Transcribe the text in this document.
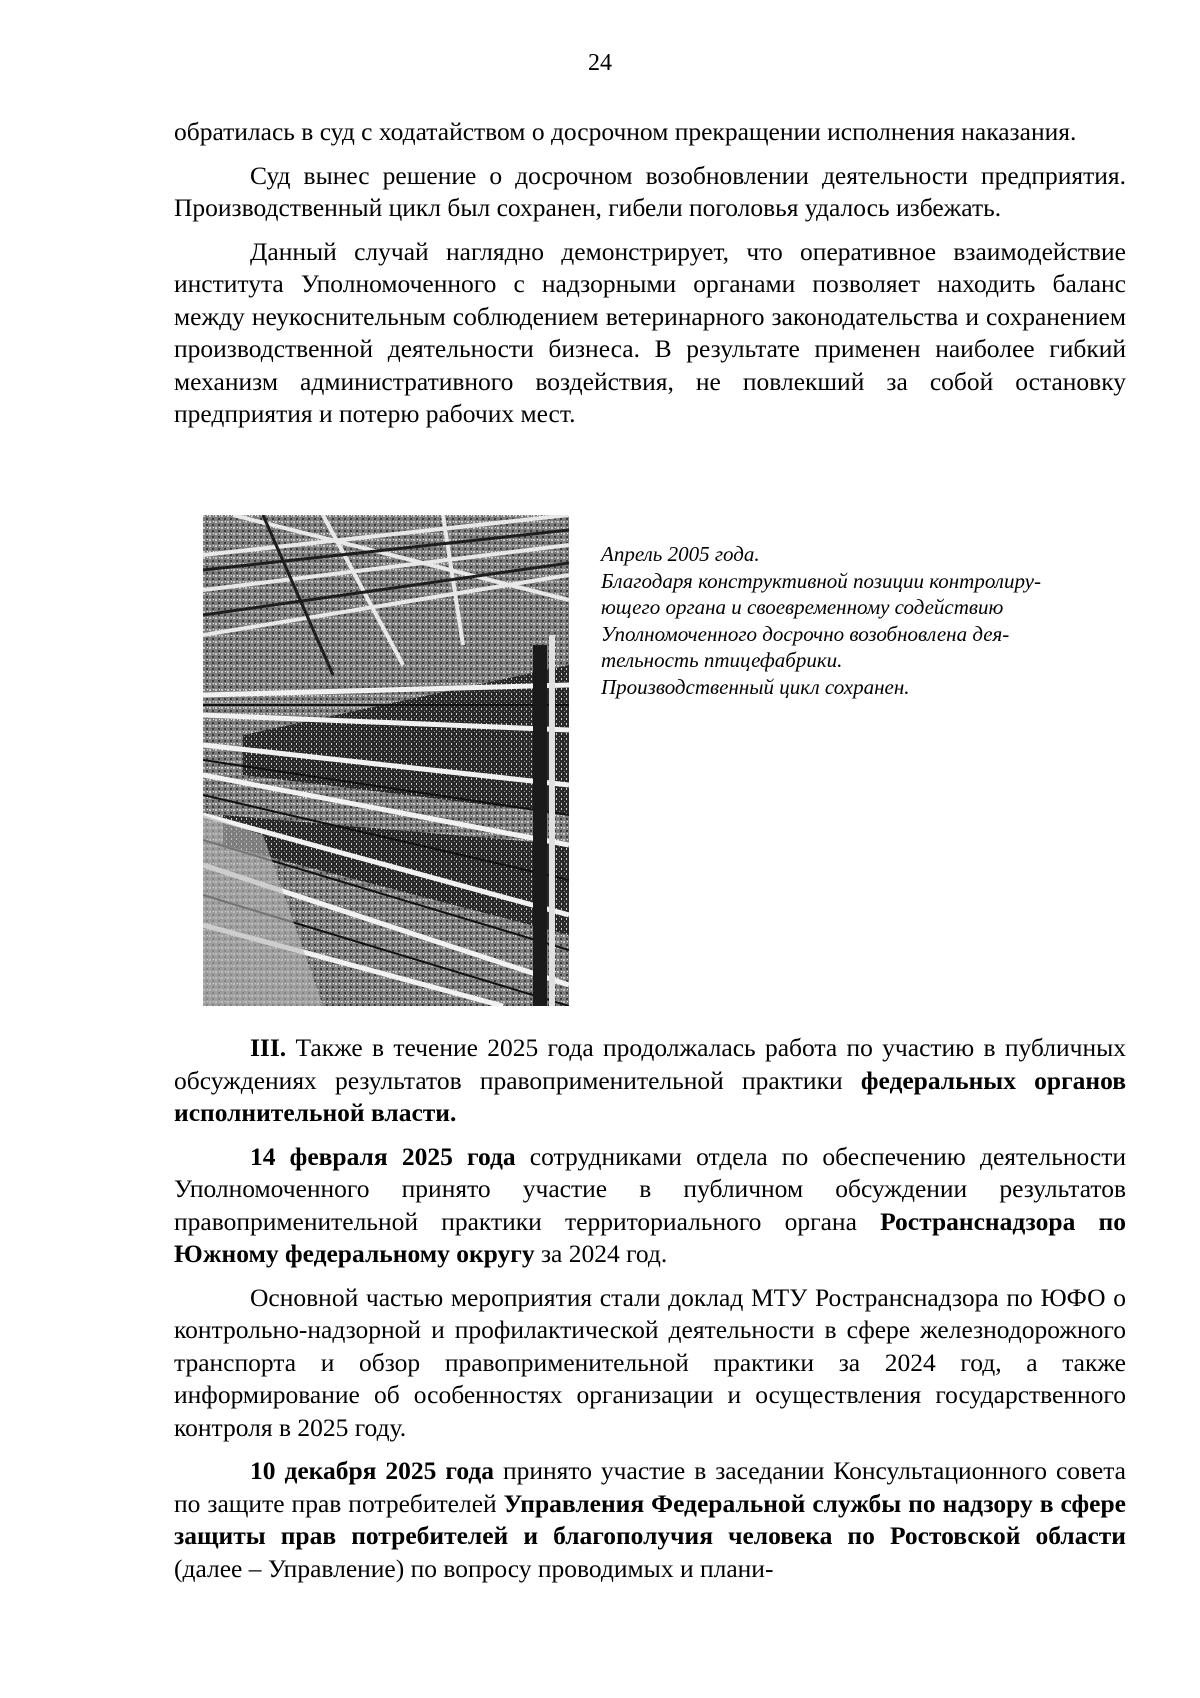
24

обратилась в суд с ходатайством о досрочном прекращении исполнения наказания.

Суд вынес решение о досрочном возобновлении деятельности предприятия. Производственный цикл был сохранен, гибели поголовья удалось избежать.

Данный случай наглядно демонстрирует, что оперативное взаимодействие института Уполномоченного с надзорными органами позволяет находить баланс между неукоснительным соблюдением ветеринарного законодательства и сохранением производственной деятельности бизнеса. В результате применен наиболее гибкий механизм административного воздействия, не повлекший за собой остановку предприятия и потерю рабочих мест.

Апрель 2005 года.
Благодаря конструктивной позиции контролиру-
ющего органа и своевременному содействию
Уполномоченного досрочно возобновлена дея-
тельность птицефабрики.
Производственный цикл сохранен.

III. Также в течение 2025 года продолжалась работа по участию в публичных обсуждениях результатов правоприменительной практики федеральных органов исполнительной власти.

14 февраля 2025 года сотрудниками отдела по обеспечению деятельности Уполномоченного принято участие в публичном обсуждении результатов правоприменительной практики территориального органа Ространснадзора по Южному федеральному округу за 2024 год.

Основной частью мероприятия стали доклад МТУ Ространснадзора по ЮФО о контрольно-надзорной и профилактической деятельности в сфере железнодорожного транспорта и обзор правоприменительной практики за 2024 год, а также информирование об особенностях организации и осуществления государственного контроля в 2025 году.

10 декабря 2025 года принято участие в заседании Консультационного совета по защите прав потребителей Управления Федеральной службы по надзору в сфере защиты прав потребителей и благополучия человека по Ростовской области (далее – Управление) по вопросу проводимых и плани-
